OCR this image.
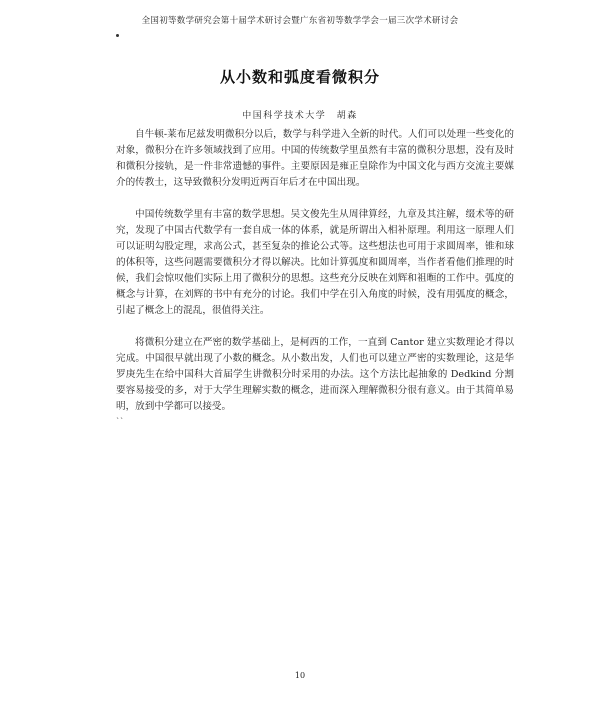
全国初等数学研究会第十届学术研讨会暨广东省初等数学学会一届三次学术研讨会
从小数和弧度看微积分
中国科学技术大学　胡森

自牛顿-莱布尼兹发明微积分以后，数学与科学进入全新的时代。人们可以处理一些变化的对象，微积分在许多领域找到了应用。中国的传统数学里虽然有丰富的微积分思想，没有及时和微积分接轨，是一件非常遗憾的事件。主要原因是雍正皇除作为中国文化与西方交流主要媒介的传教士，这导致微积分发明近两百年后才在中国出现。

中国传统数学里有丰富的数学思想。吴文俊先生从周律算经，九章及其注解，缀术等的研究，发现了中国古代数学有一套自成一体的体系，就是所谓出入相补原理。利用这一原理人们可以证明勾股定理，求高公式，甚至复杂的推论公式等。这些想法也可用于求圆周率，锥和球的体积等，这些问题需要微积分才得以解决。比如计算弧度和圆周率，当作者看他们推理的时候，我们会惊叹他们实际上用了微积分的思想。这些充分反映在刘辉和祖暅的工作中。弧度的概念与计算，在刘辉的书中有充分的讨论。我们中学在引入角度的时候，没有用弧度的概念，引起了概念上的混乱，很值得关注。

将微积分建立在严密的数学基础上，是柯西的工作，一直到 Cantor 建立实数理论才得以完成。中国很早就出现了小数的概念。从小数出发，人们也可以建立严密的实数理论，这是华罗庚先生在给中国科大首届学生讲微积分时采用的办法。这个方法比起抽象的 Dedkind 分割要容易接受的多，对于大学生理解实数的概念，进而深入理解微积分很有意义。由于其简单易明，放到中学都可以接受。

``
10
